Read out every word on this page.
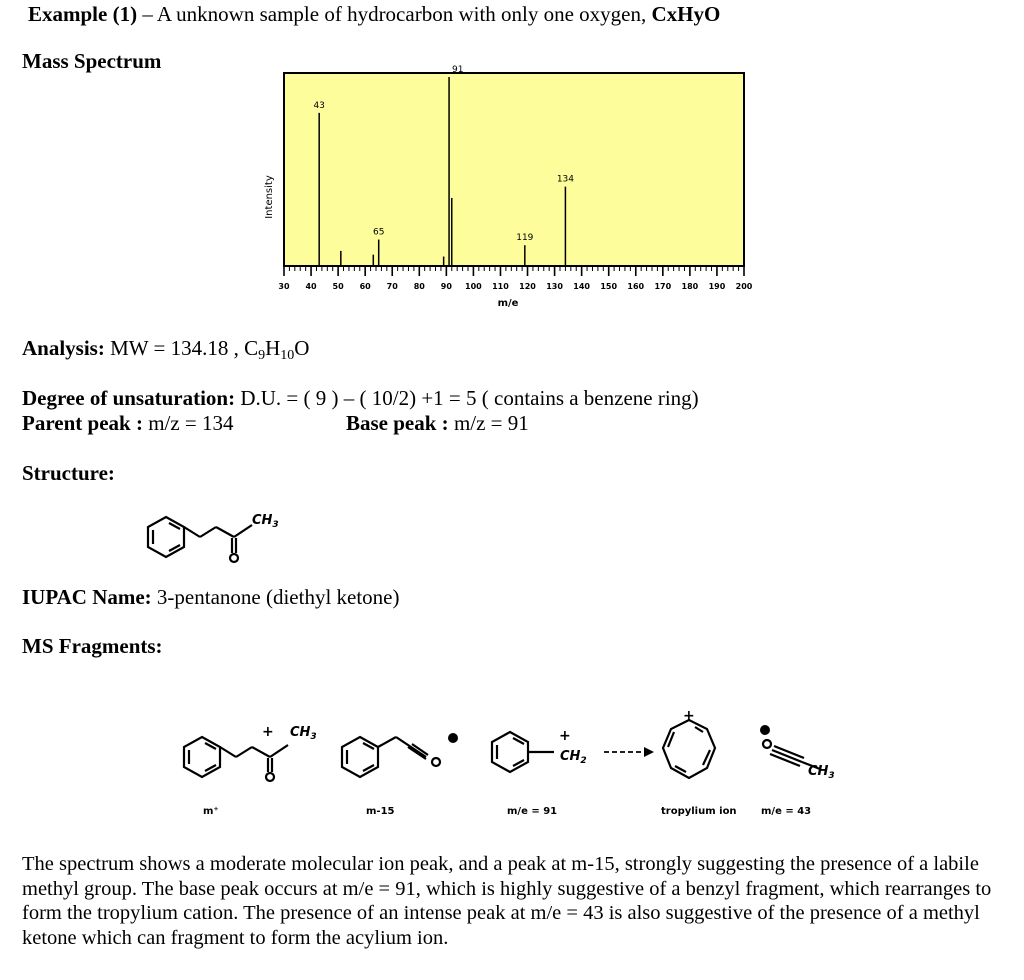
Example (1) – A unknown sample of hydrocarbon with only one oxygen, CxHyO
Mass Spectrum
Intensity
m/e
43
65
91
119
134
30 40 50 60 70 80 90 100 110 120 130 140 150 160 170 180 190 200
Analysis: MW = 134.18 , $C_9H_{10}O$
Degree of unsaturation: D.U. = ( 9 ) – ( 10/2) +1 = 5 ( contains a benzene ring)
Parent peak : m/z = 134	Base peak : m/z = 91
Structure:
O
$CH_3$
IUPAC Name: 3-pentanone (diethyl ketone)
MS Fragments:
+	+
+
$CH_3$
$CH_2$
$CH_3$
m⁺	m-15	m/e = 91	tropylium ion m/e = 43

The spectrum shows a moderate molecular ion peak, and a peak at m-15, strongly suggesting the presence of a labile methyl group. The base peak occurs at m/e = 91, which is highly suggestive of a benzyl fragment, which rearranges to form the tropylium cation. The presence of an intense peak at m/e = 43 is also suggestive of the presence of a methyl ketone which can fragment to form the acylium ion.
